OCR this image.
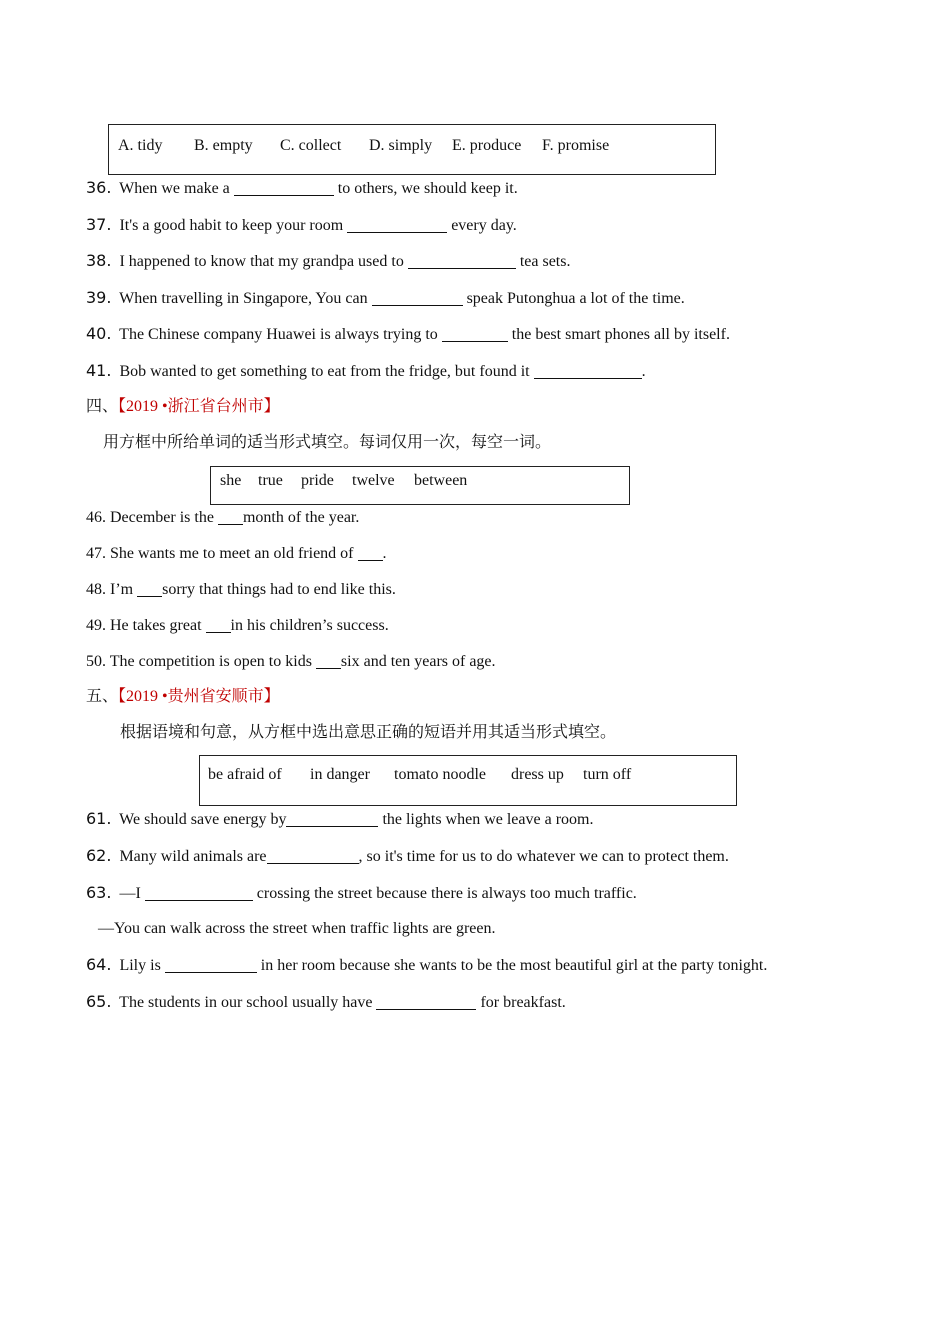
A. tidy B. empty C. collect D. simply E. produce F. promise
36. When we make a	to others, we should keep it.
37. It's a good habit to keep your room	every day.
38. I happened to know that my grandpa used to	tea sets.
39. When travelling in Singapore, You can	speak Putonghua a lot of the time.
40. The Chinese company Huawei is always trying to	the best smart phones all by itself.
41. Bob wanted to get something to eat from the fridge, but found it	.
四、【2019 •浙江省台州市】
用方框中所给单词的适当形式填空。每词仅用一次，每空一词。
she true pride twelve between
46. December is the month of the year.
47. She wants me to meet an old friend of .
48. I’m sorry that things had to end like this.
49. He takes great in his children’s success.
50. The competition is open to kids six and ten years of age.
五、【2019 •贵州省安顺市】
根据语境和句意，从方框中选出意思正确的短语并用其适当形式填空。
be afraid of in danger tomato noodle dress up turn off
61. We should save energy by	the lights when we leave a room.
62. Many wild animals are	, so it's time for us to do whatever we can to protect them.
63. —I	crossing the street because there is always too much traffic.
—You can walk across the street when traffic lights are green.
64. Lily is	in her room because she wants to be the most beautiful girl at the party tonight.
65. The students in our school usually have	for breakfast.
